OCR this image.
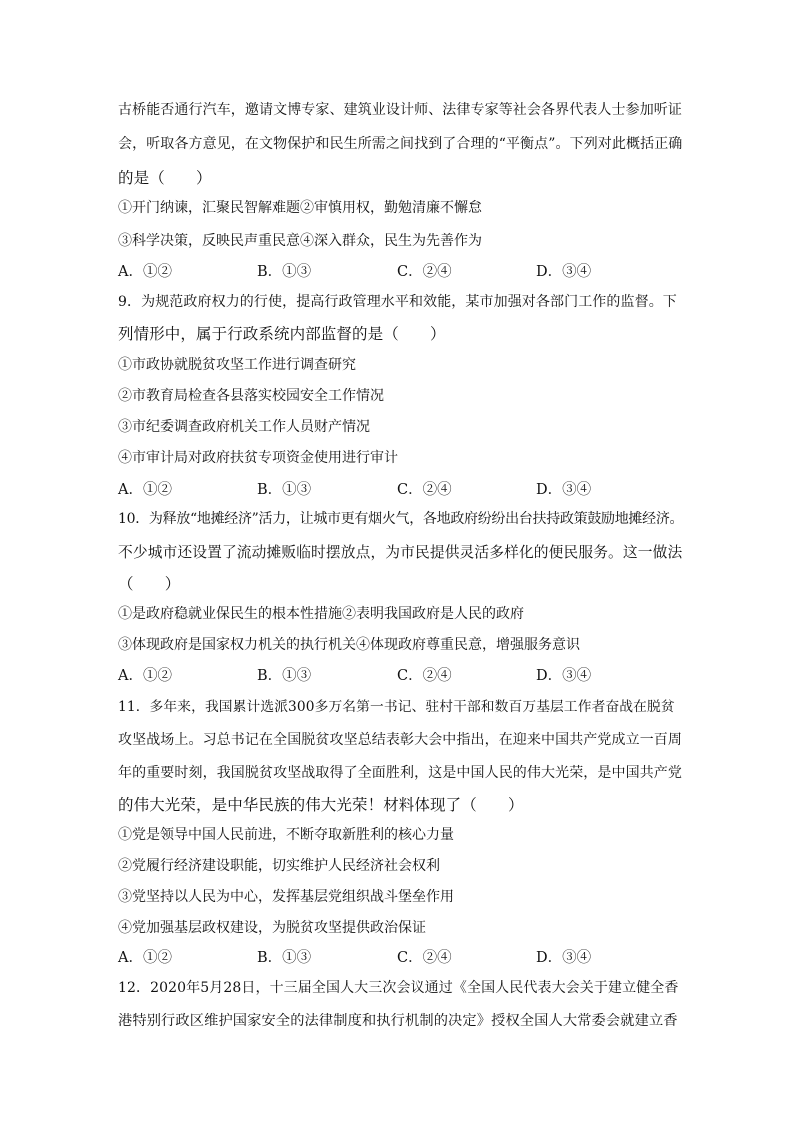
古桥能否通行汽车，邀请文博专家、建筑业设计师、法律专家等社会各界代表人士参加听证
会，听取各方意见，在文物保护和民生所需之间找到了合理的“平衡点”。下列对此概括正确
的是（　　）
①开门纳谏，汇聚民智解难题②审慎用权，勤勉清廉不懈怠
③科学决策，反映民声重民意④深入群众，民生为先善作为
A．①②	B．①③	C．②④	D．③④
9．为规范政府权力的行使，提高行政管理水平和效能，某市加强对各部门工作的监督。下
列情形中，属于行政系统内部监督的是（　　）
①市政协就脱贫攻坚工作进行调查研究
②市教育局检查各县落实校园安全工作情况
③市纪委调查政府机关工作人员财产情况
④市审计局对政府扶贫专项资金使用进行审计
A．①②	B．①③	C．②④	D．③④
10．为释放“地摊经济”活力，让城市更有烟火气，各地政府纷纷出台扶持政策鼓励地摊经济。
不少城市还设置了流动摊贩临时摆放点，为市民提供灵活多样化的便民服务。这一做法
（　　）
①是政府稳就业保民生的根本性措施②表明我国政府是人民的政府
③体现政府是国家权力机关的执行机关④体现政府尊重民意，增强服务意识
A．①②	B．①③	C．②④	D．③④
11．多年来，我国累计选派300多万名第一书记、驻村干部和数百万基层工作者奋战在脱贫
攻坚战场上。习总书记在全国脱贫攻坚总结表彰大会中指出，在迎来中国共产党成立一百周
年的重要时刻，我国脱贫攻坚战取得了全面胜利，这是中国人民的伟大光荣，是中国共产党
的伟大光荣，是中华民族的伟大光荣！材料体现了（　　）
①党是领导中国人民前进，不断夺取新胜利的核心力量
②党履行经济建设职能，切实维护人民经济社会权利
③党坚持以人民为中心，发挥基层党组织战斗堡垒作用
④党加强基层政权建设，为脱贫攻坚提供政治保证
A．①②	B．①③	C．②④	D．③④
12．2020年5月28日，十三届全国人大三次会议通过《全国人民代表大会关于建立健全香
港特别行政区维护国家安全的法律制度和执行机制的决定》授权全国人大常委会就建立香
